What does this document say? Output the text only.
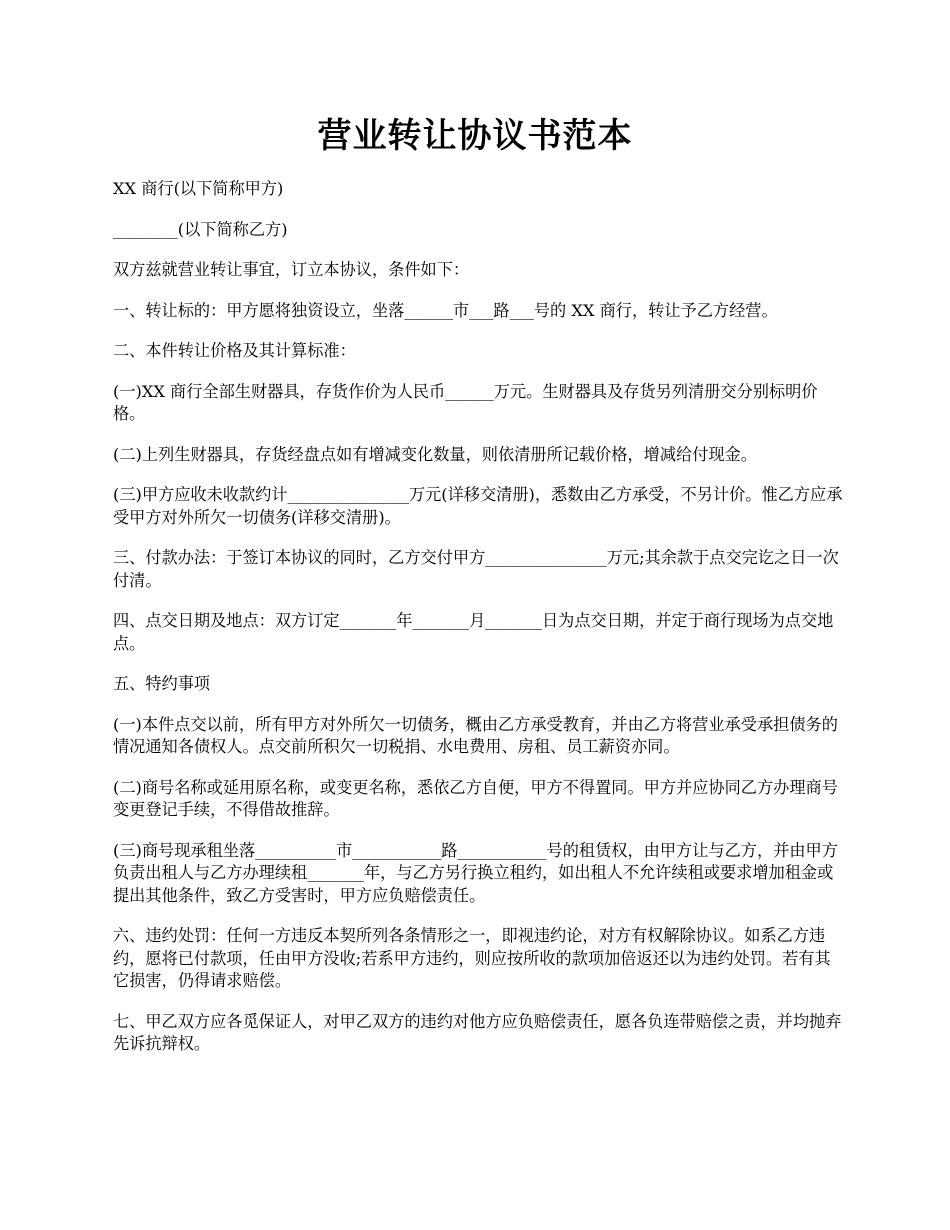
营业转让协议书范本

XX 商行(以下简称甲方)

________(以下简称乙方)

双方兹就营业转让事宜，订立本协议，条件如下：

一、转让标的：甲方愿将独资设立，坐落______市___路___号的 XX 商行，转让予乙方经营。

二、本件转让价格及其计算标准：

(一)XX 商行全部生财器具，存货作价为人民币______万元。生财器具及存货另列清册交分别标明价格。

(二)上列生财器具，存货经盘点如有增减变化数量，则依清册所记载价格，增减给付现金。

(三)甲方应收未收款约计_______________万元(详移交清册)，悉数由乙方承受，不另计价。惟乙方应承受甲方对外所欠一切债务(详移交清册)。

三、付款办法：于签订本协议的同时，乙方交付甲方_______________万元;其余款于点交完讫之日一次付清。

四、点交日期及地点：双方订定_______年_______月_______日为点交日期，并定于商行现场为点交地点。

五、特约事项

(一)本件点交以前，所有甲方对外所欠一切债务，概由乙方承受教育，并由乙方将营业承受承担债务的情况通知各债权人。点交前所积欠一切税捐、水电费用、房租、员工薪资亦同。

(二)商号名称或延用原名称，或变更名称，悉依乙方自便，甲方不得置同。甲方并应协同乙方办理商号变更登记手续，不得借故推辞。

(三)商号现承租坐落__________市___________路___________号的租赁权，由甲方让与乙方，并由甲方负责出租人与乙方办理续租_______年，与乙方另行换立租约，如出租人不允许续租或要求增加租金或提出其他条件，致乙方受害时，甲方应负赔偿责任。

六、违约处罚：任何一方违反本契所列各条情形之一，即视违约论，对方有权解除协议。如系乙方违约，愿将已付款项，任由甲方没收;若系甲方违约，则应按所收的款项加倍返还以为违约处罚。若有其它损害，仍得请求赔偿。

七、甲乙双方应各觅保证人，对甲乙双方的违约对他方应负赔偿责任，愿各负连带赔偿之责，并均抛弃先诉抗辩权。
